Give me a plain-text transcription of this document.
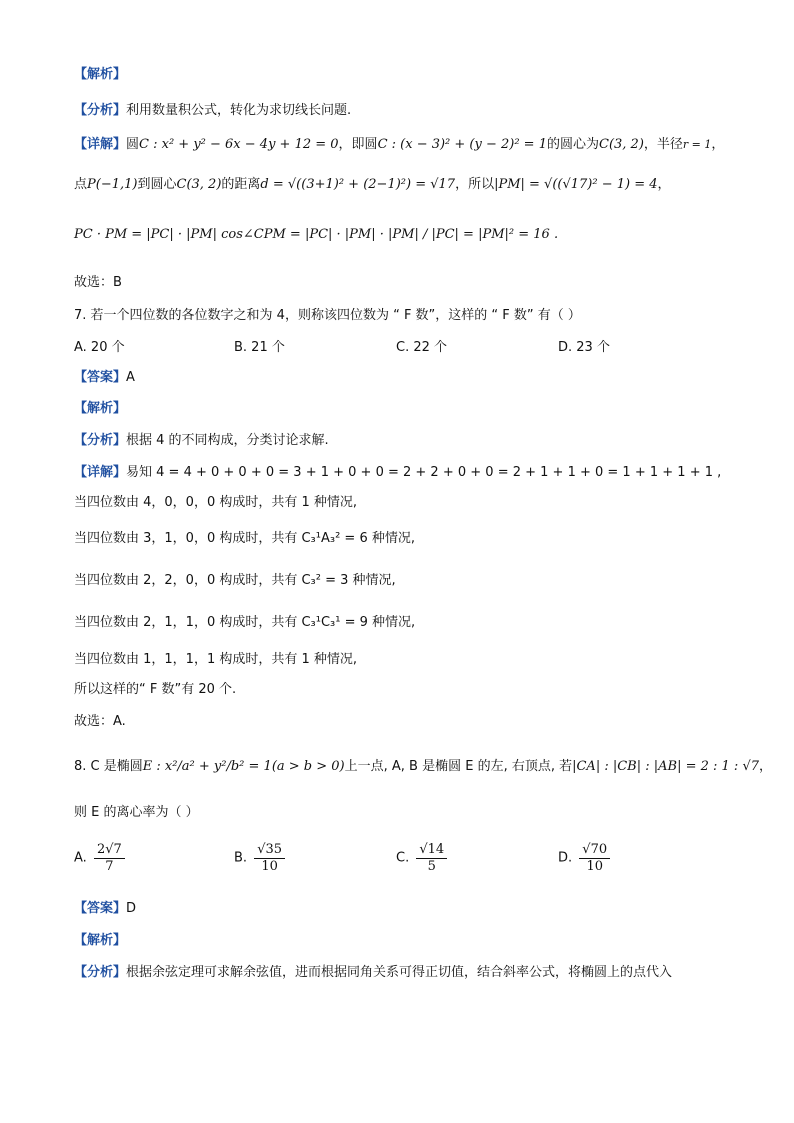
【解析】
【分析】利用数量积公式，转化为求切线长问题.
【详解】圆C : x² + y² − 6x − 4y + 12 = 0，即圆C : (x − 3)² + (y − 2)² = 1的圆心为C(3, 2)，半径r = 1，
点P(−1,1)到圆心C(3, 2)的距离d = √((3+1)² + (2−1)²) = √17，所以|PM| = √((√17)² − 1) = 4，
PC · PM = |PC| · |PM| cos∠CPM = |PC| · |PM| · |PM| / |PC| = |PM|² = 16 .
故选：B
7. 若一个四位数的各位数字之和为 4，则称该四位数为 “ F 数”，这样的 “ F 数” 有（ ）
A. 20 个	B. 21 个	C. 22 个	D. 23 个
【答案】A
【解析】
【分析】根据 4 的不同构成，分类讨论求解.
【详解】易知 4 = 4 + 0 + 0 + 0 = 3 + 1 + 0 + 0 = 2 + 2 + 0 + 0 = 2 + 1 + 1 + 0 = 1 + 1 + 1 + 1 ,
当四位数由 4，0，0，0 构成时，共有 1 种情况,
当四位数由 3，1，0，0 构成时，共有 C₃¹A₃² = 6 种情况,
当四位数由 2，2，0，0 构成时，共有 C₃² = 3 种情况,
当四位数由 2，1，1，0 构成时，共有 C₃¹C₃¹ = 9 种情况,
当四位数由 1，1，1，1 构成时，共有 1 种情况,
所以这样的“ F 数”有 20 个.
故选：A.
8. C 是椭圆E : x²/a² + y²/b² = 1(a > b > 0)上一点, A, B 是椭圆 E 的左, 右顶点, 若|CA| : |CB| : |AB| = 2 : 1 : √7，
则 E 的离心率为（ ）
A. $\frac{2√7}{7}$	B. $\frac{√35}{10}$	C. $\frac{√14}{5}$	D. $\frac{√70}{10}$
【答案】D
【解析】
【分析】根据余弦定理可求解余弦值，进而根据同角关系可得正切值，结合斜率公式，将椭圆上的点代入
